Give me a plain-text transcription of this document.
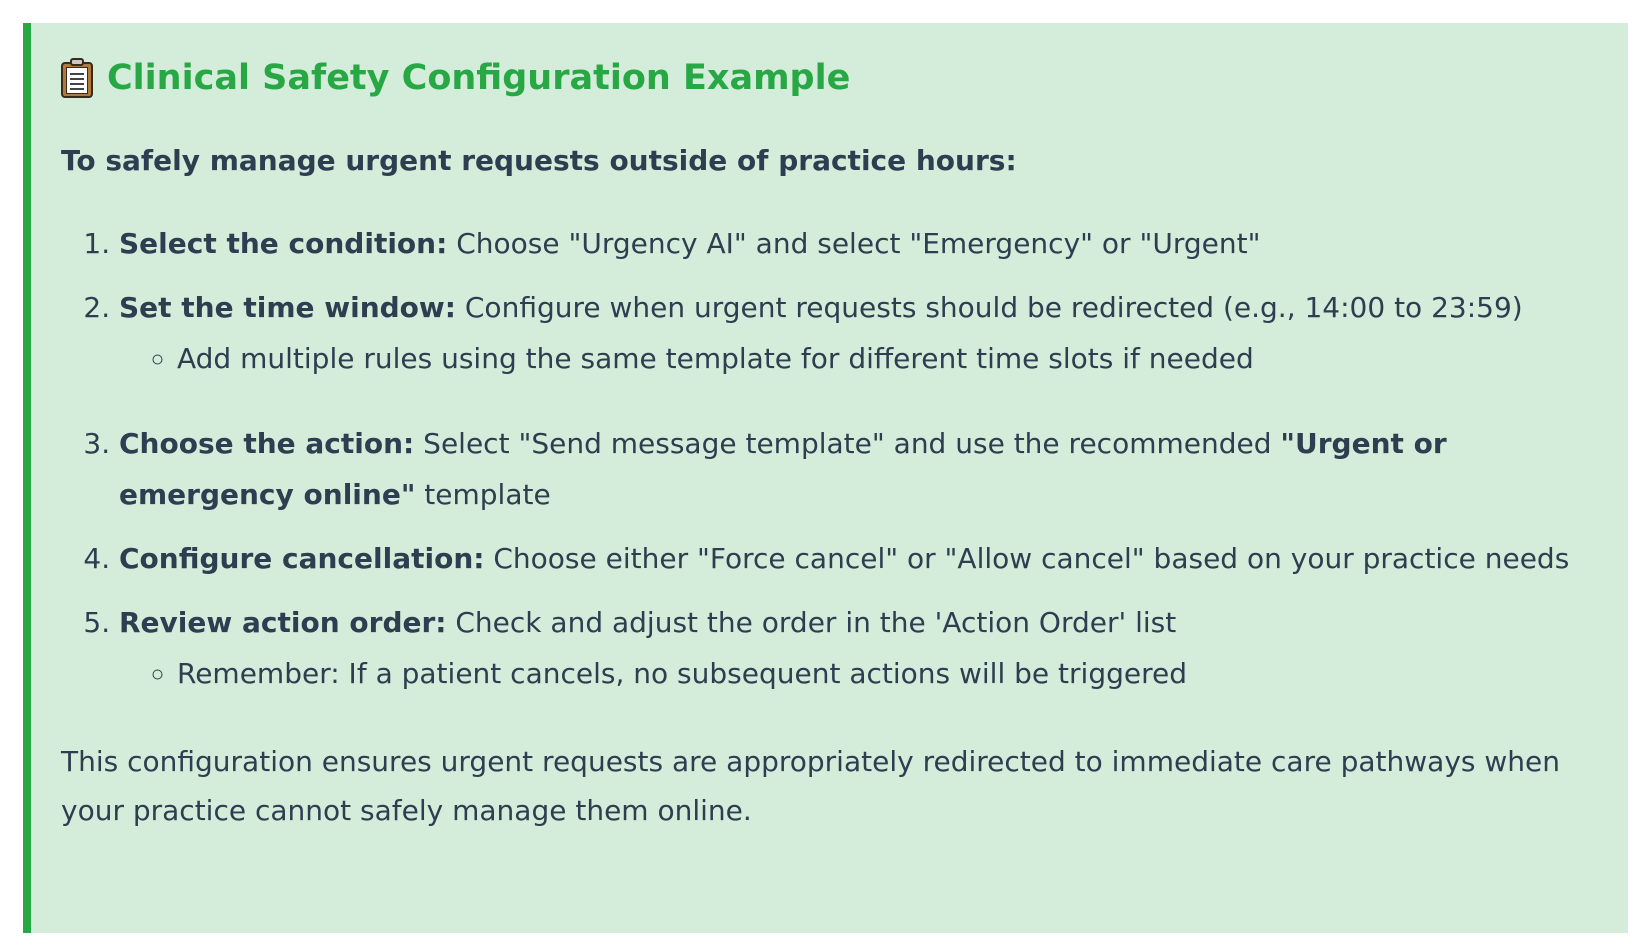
Clinical Safety Configuration Example

To safely manage urgent requests outside of practice hours:

1. Select the condition: Choose "Urgency AI" and select "Emergency" or "Urgent"
2. Set the time window: Configure when urgent requests should be redirected (e.g., 14:00 to 23:59)
◦ Add multiple rules using the same template for different time slots if needed
3. Choose the action: Select "Send message template" and use the recommended "Urgent or emergency online" template
4. Configure cancellation: Choose either "Force cancel" or "Allow cancel" based on your practice needs
5. Review action order: Check and adjust the order in the 'Action Order' list
◦ Remember: If a patient cancels, no subsequent actions will be triggered

This configuration ensures urgent requests are appropriately redirected to immediate care pathways when your practice cannot safely manage them online.
